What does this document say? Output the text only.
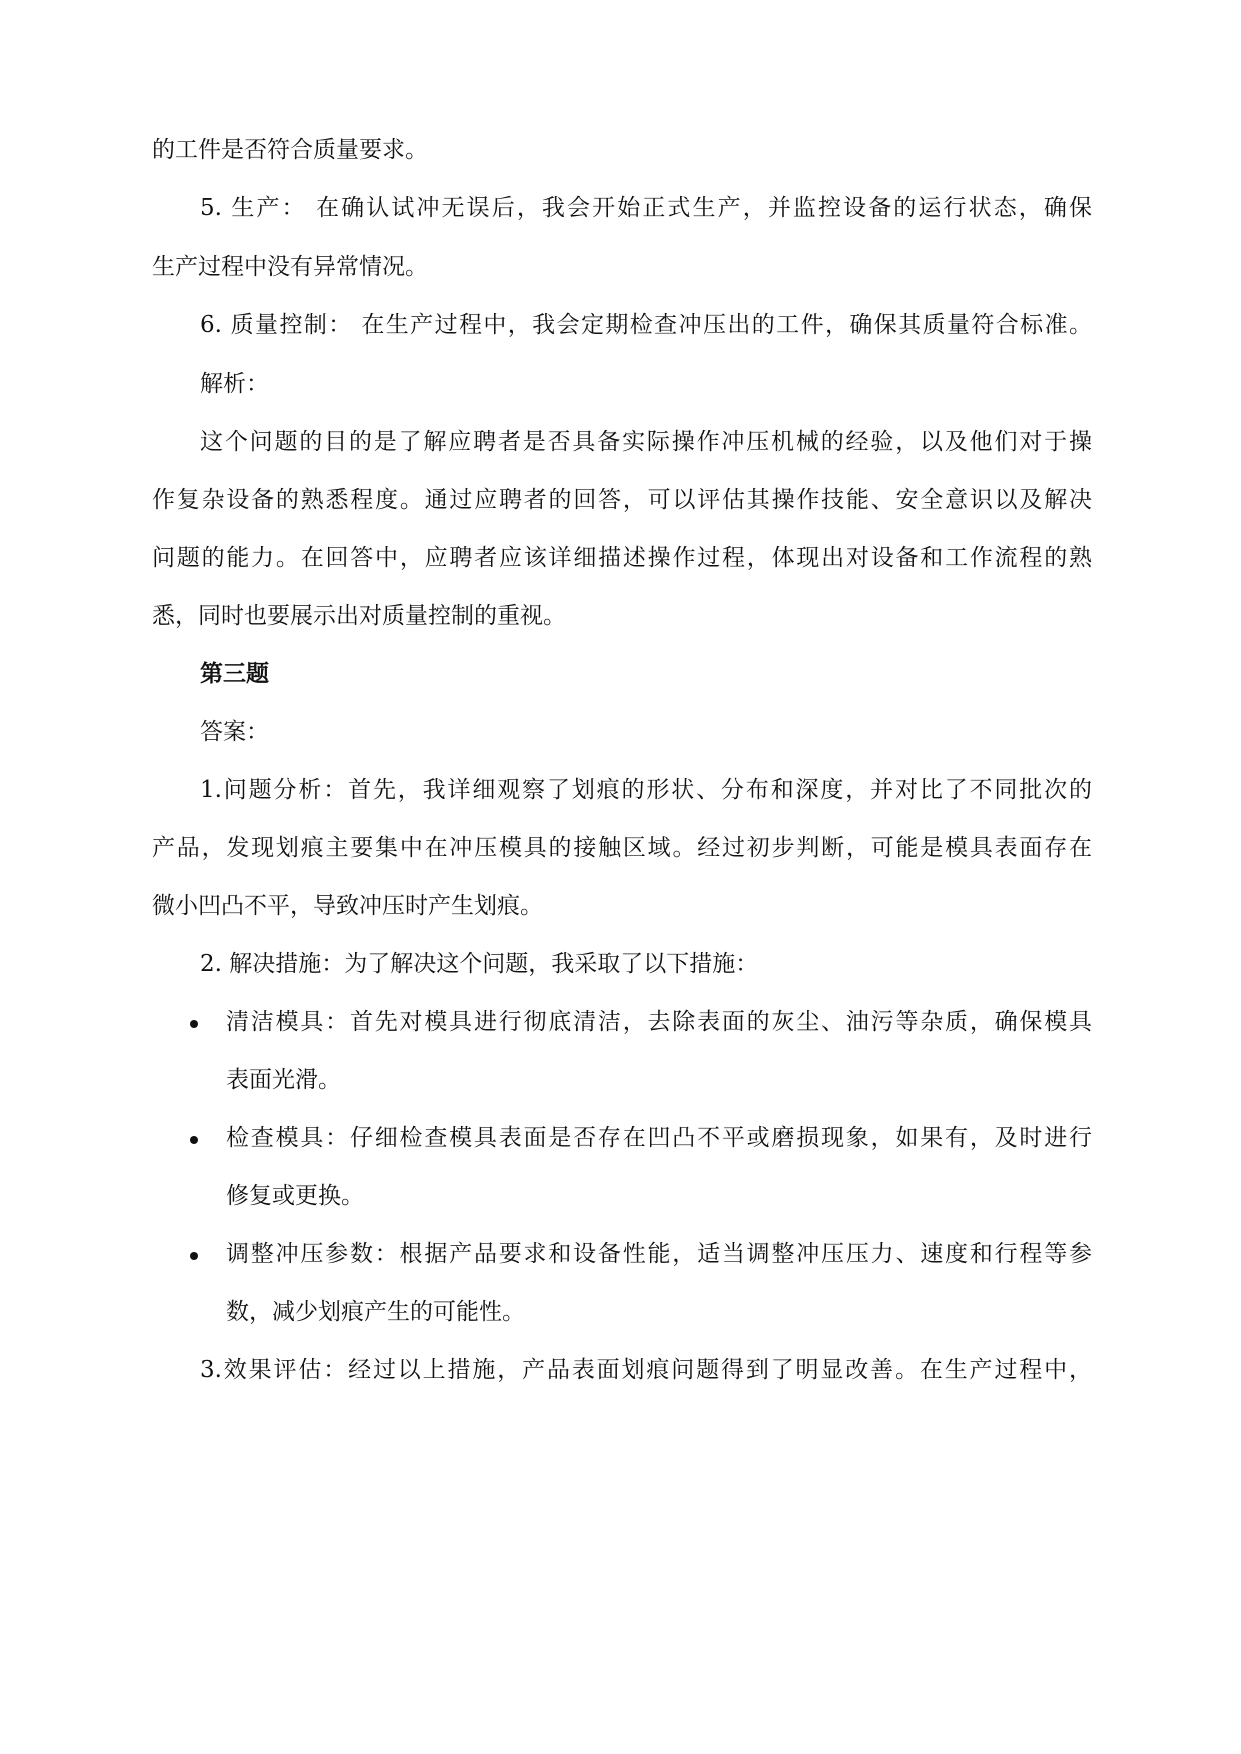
的工件是否符合质量要求。
5. 生产： 在确认试冲无误后，我会开始正式生产，并监控设备的运行状态，确保
生产过程中没有异常情况。
6. 质量控制： 在生产过程中，我会定期检查冲压出的工件，确保其质量符合标准。
解析：
这个问题的目的是了解应聘者是否具备实际操作冲压机械的经验，以及他们对于操
作复杂设备的熟悉程度。通过应聘者的回答，可以评估其操作技能、安全意识以及解决
问题的能力。在回答中，应聘者应该详细描述操作过程，体现出对设备和工作流程的熟
悉，同时也要展示出对质量控制的重视。
第三题
答案：
1.问题分析：首先，我详细观察了划痕的形状、分布和深度，并对比了不同批次的
产品，发现划痕主要集中在冲压模具的接触区域。经过初步判断，可能是模具表面存在
微小凹凸不平，导致冲压时产生划痕。
2. 解决措施：为了解决这个问题，我采取了以下措施：
清洁模具：首先对模具进行彻底清洁，去除表面的灰尘、油污等杂质，确保模具
表面光滑。
检查模具：仔细检查模具表面是否存在凹凸不平或磨损现象，如果有，及时进行
修复或更换。
调整冲压参数：根据产品要求和设备性能，适当调整冲压压力、速度和行程等参
数，减少划痕产生的可能性。
3.效果评估：经过以上措施，产品表面划痕问题得到了明显改善。在生产过程中，
